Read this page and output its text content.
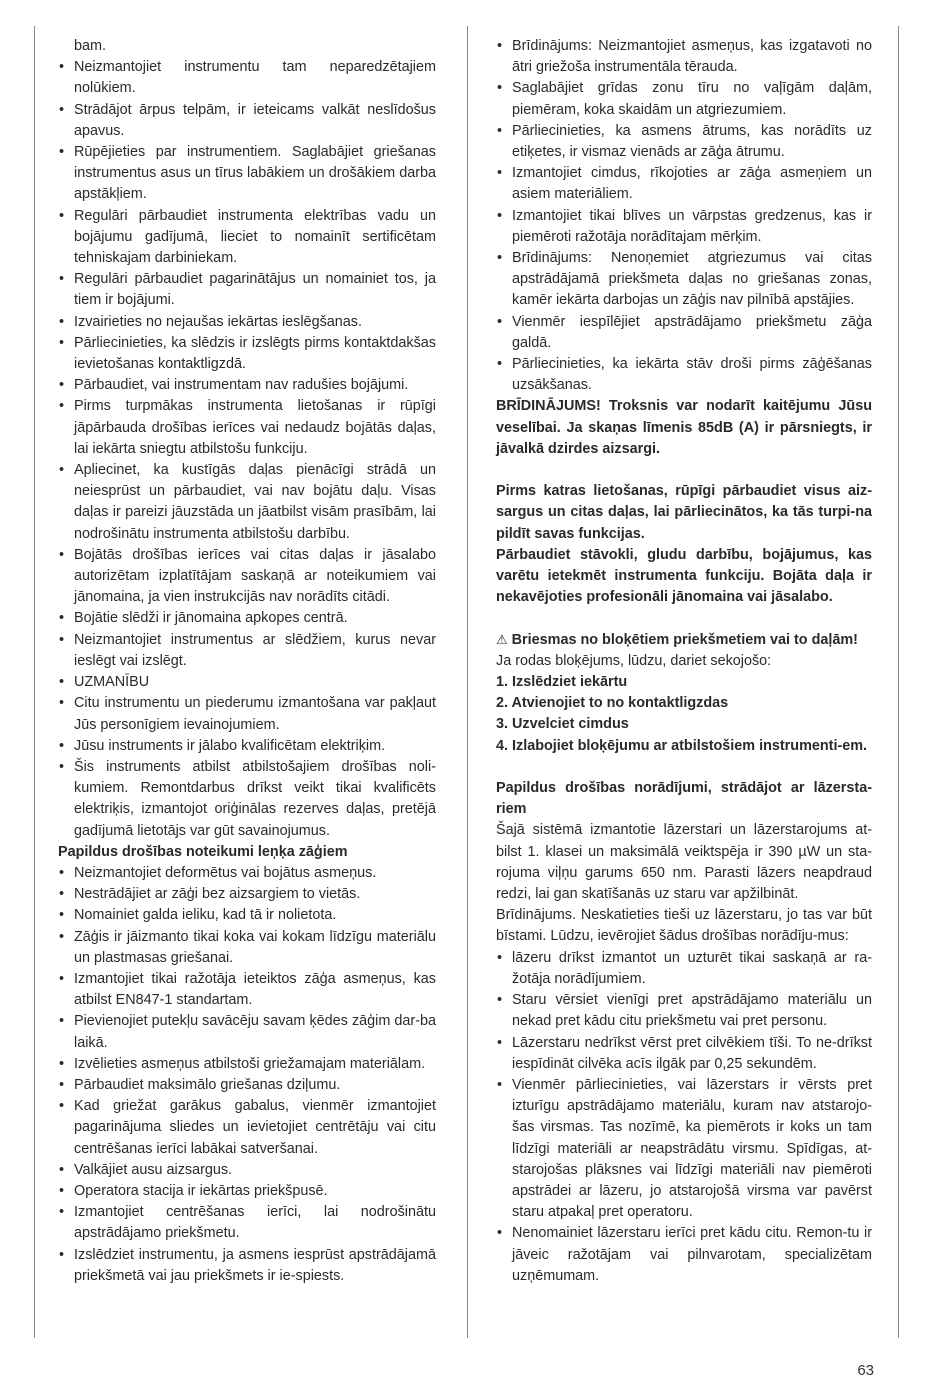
bam.

• Neizmantojiet instrumentu tam neparedzētajiem nolūkiem.
• Strādājot ārpus telpām, ir ieteicams valkāt neslīdošus apavus.
• Rūpējieties par instrumentiem. Saglabājiet griešanas instrumentus asus un tīrus labākiem un drošākiem darba apstākļiem.
• Regulāri pārbaudiet instrumenta elektrības vadu un bojājumu gadījumā, lieciet to nomainīt sertificētam tehniskajam darbiniekam.
• Regulāri pārbaudiet pagarinātājus un nomainiet tos, ja tiem ir bojājumi.
• Izvairieties no nejaušas iekārtas ieslēgšanas.
• Pārliecinieties, ka slēdzis ir izslēgts pirms kontaktdakšas ievietošanas kontaktligzdā.
• Pārbaudiet, vai instrumentam nav radušies bojājumi.
• Pirms turpmākas instrumenta lietošanas ir rūpīgi jāpārbauda drošības ierīces vai nedaudz bojātās daļas, lai iekārta sniegtu atbilstošu funkciju.
• Apliecinet, ka kustīgās daļas pienācīgi strādā un neiesprūst un pārbaudiet, vai nav bojātu daļu. Visas daļas ir pareizi jāuzstāda un jāatbilst visām prasībām, lai nodrošinātu instrumenta atbilstošu darbību.
• Bojātās drošības ierīces vai citas daļas ir jāsalabo autorizētam izplatītājam saskaņā ar noteikumiem vai jānomaina, ja vien instrukcijās nav norādīts citādi.
• Bojātie slēdži ir jānomaina apkopes centrā.
• Neizmantojiet instrumentus ar slēdžiem, kurus nevar ieslēgt vai izslēgt.
• UZMANĪBU
• Citu instrumentu un piederumu izmantošana var pakļaut Jūs personīgiem ievainojumiem.
• Jūsu instruments ir jālabo kvalificētam elektriķim.
• Šis instruments atbilst atbilstošajiem drošības noli-kumiem. Remontdarbus drīkst veikt tikai kvalificēts elektriķis, izmantojot oriģinālas rezerves daļas, pretējā gadījumā lietotājs var gūt savainojumus.

Papildus drošības noteikumi leņķa zāģiem

• Neizmantojiet deformētus vai bojātus asmeņus.
• Nestrādājiet ar zāģi bez aizsargiem to vietās.
• Nomainiet galda ieliku, kad tā ir nolietota.
• Zāģis ir jāizmanto tikai koka vai kokam līdzīgu materiālu un plastmasas griešanai.
• Izmantojiet tikai ražotāja ieteiktos zāģa asmeņus, kas atbilst EN847-1 standartam.
• Pievienojiet putekļu savācēju savam ķēdes zāģim dar-ba laikā.
• Izvēlieties asmeņus atbilstoši griežamajam materiālam.
• Pārbaudiet maksimālo griešanas dziļumu.
• Kad griežat garākus gabalus, vienmēr izmantojiet pagarinājuma sliedes un ievietojiet centrētāju vai citu centrēšanas ierīci labākai satveršanai.
• Valkājiet ausu aizsargus.
• Operatora stacija ir iekārtas priekšpusē.
• Izmantojiet centrēšanas ierīci, lai nodrošinātu apstrādājamo priekšmetu.
• Izslēdziet instrumentu, ja asmens iesprūst apstrādājamā priekšmetā vai jau priekšmets ir ie-spiests.
• Brīdinājums: Neizmantojiet asmeņus, kas izgatavoti no ātri griežoša instrumentāla tērauda.
• Saglabājiet grīdas zonu tīru no vaļīgām daļām, piemēram, koka skaidām un atgriezumiem.
• Pārliecinieties, ka asmens ātrums, kas norādīts uz etiķetes, ir vismaz vienāds ar zāģa ātrumu.
• Izmantojiet cimdus, rīkojoties ar zāģa asmeņiem un asiem materiāliem.
• Izmantojiet tikai blīves un vārpstas gredzenus, kas ir piemēroti ražotāja norādītajam mērķim.
• Brīdinājums: Nenoņemiet atgriezumus vai citas apstrādājamā priekšmeta daļas no griešanas zonas, kamēr iekārta darbojas un zāģis nav pilnībā apstājies.
• Vienmēr iespīlējiet apstrādājamo priekšmetu zāģa galdā.
• Pārliecinieties, ka iekārta stāv droši pirms zāģēšanas uzsākšanas.

BRĪDINĀJUMS! Troksnis var nodarīt kaitējumu Jūsu veselībai. Ja skaņas līmenis 85dB (A) ir pārsniegts, ir jāvalkā dzirdes aizsargi.

Pirms katras lietošanas, rūpīgi pārbaudiet visus aiz-sargus un citas daļas, lai pārliecinātos, ka tās turpi-na pildīt savas funkcijas.

Pārbaudiet stāvokli, gludu darbību, bojājumus, kas varētu ietekmēt instrumenta funkciju. Bojāta daļa ir nekavējoties profesionāli jānomaina vai jāsalabo.

⚠ Briesmas no bloķētiem priekšmetiem vai to daļām!

Ja rodas bloķējums, lūdzu, dariet sekojošo:

1. Izslēdziet iekārtu

2. Atvienojiet to no kontaktligzdas

3. Uzvelciet cimdus

4. Izlabojiet bloķējumu ar atbilstošiem instrumenti-em.

Papildus drošības norādījumi, strādājot ar lāzersta-riem

Šajā sistēmā izmantotie lāzerstari un lāzerstarojums at-bilst 1. klasei un maksimālā veiktspēja ir 390 µW un sta-rojuma viļņu garums 650 nm. Parasti lāzers neapdraud redzi, lai gan skatīšanās uz staru var apžilbināt.

Brīdinājums. Neskatieties tieši uz lāzerstaru, jo tas var būt bīstami. Lūdzu, ievērojiet šādus drošības norādīju-mus:

• lāzeru drīkst izmantot un uzturēt tikai saskaņā ar ra-žotāja norādījumiem.
• Staru vērsiet vienīgi pret apstrādājamo materiālu un nekad pret kādu citu priekšmetu vai pret personu.
• Lāzerstaru nedrīkst vērst pret cilvēkiem tīši. To ne-drīkst iespīdināt cilvēka acīs ilgāk par 0,25 sekundēm.
• Vienmēr pārliecinieties, vai lāzerstars ir vērsts pret izturīgu apstrādājamo materiālu, kuram nav atstarojo-šas virsmas. Tas nozīmē, ka piemērots ir koks un tam līdzīgi materiāli ar neapstrādātu virsmu. Spīdīgas, at-starojošas plāksnes vai līdzīgi materiāli nav piemēroti apstrādei ar lāzeru, jo atstarojošā virsma var pavērst staru atpakaļ pret operatoru.
• Nenomainiet lāzerstaru ierīci pret kādu citu. Remon-tu ir jāveic ražotājam vai pilnvarotam, specializētam uzņēmumam.
63
